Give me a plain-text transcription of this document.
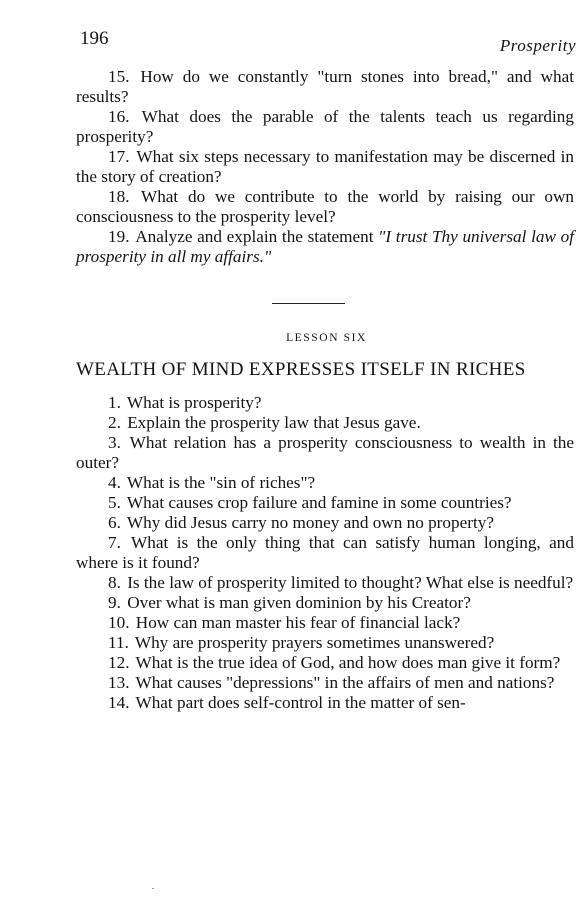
196	Prosperity

15. How do we constantly "turn stones into bread," and what results?

16. What does the parable of the talents teach us regarding prosperity?

17. What six steps necessary to manifestation may be discerned in the story of creation?

18. What do we contribute to the world by raising our own consciousness to the prosperity level?

19. Analyze and explain the statement "I trust Thy universal law of prosperity in all my affairs."

LESSON SIX
WEALTH OF MIND EXPRESSES ITSELF IN RICHES

1. What is prosperity?

2. Explain the prosperity law that Jesus gave.

3. What relation has a prosperity consciousness to wealth in the outer?

4. What is the "sin of riches"?

5. What causes crop failure and famine in some countries?

6. Why did Jesus carry no money and own no property?

7. What is the only thing that can satisfy human longing, and where is it found?

8. Is the law of prosperity limited to thought? What else is needful?

9. Over what is man given dominion by his Creator?

10. How can man master his fear of financial lack?

11. Why are prosperity prayers sometimes unanswered?

12. What is the true idea of God, and how does man give it form?

13. What causes "depressions" in the affairs of men and nations?

14. What part does self-control in the matter of sen-
